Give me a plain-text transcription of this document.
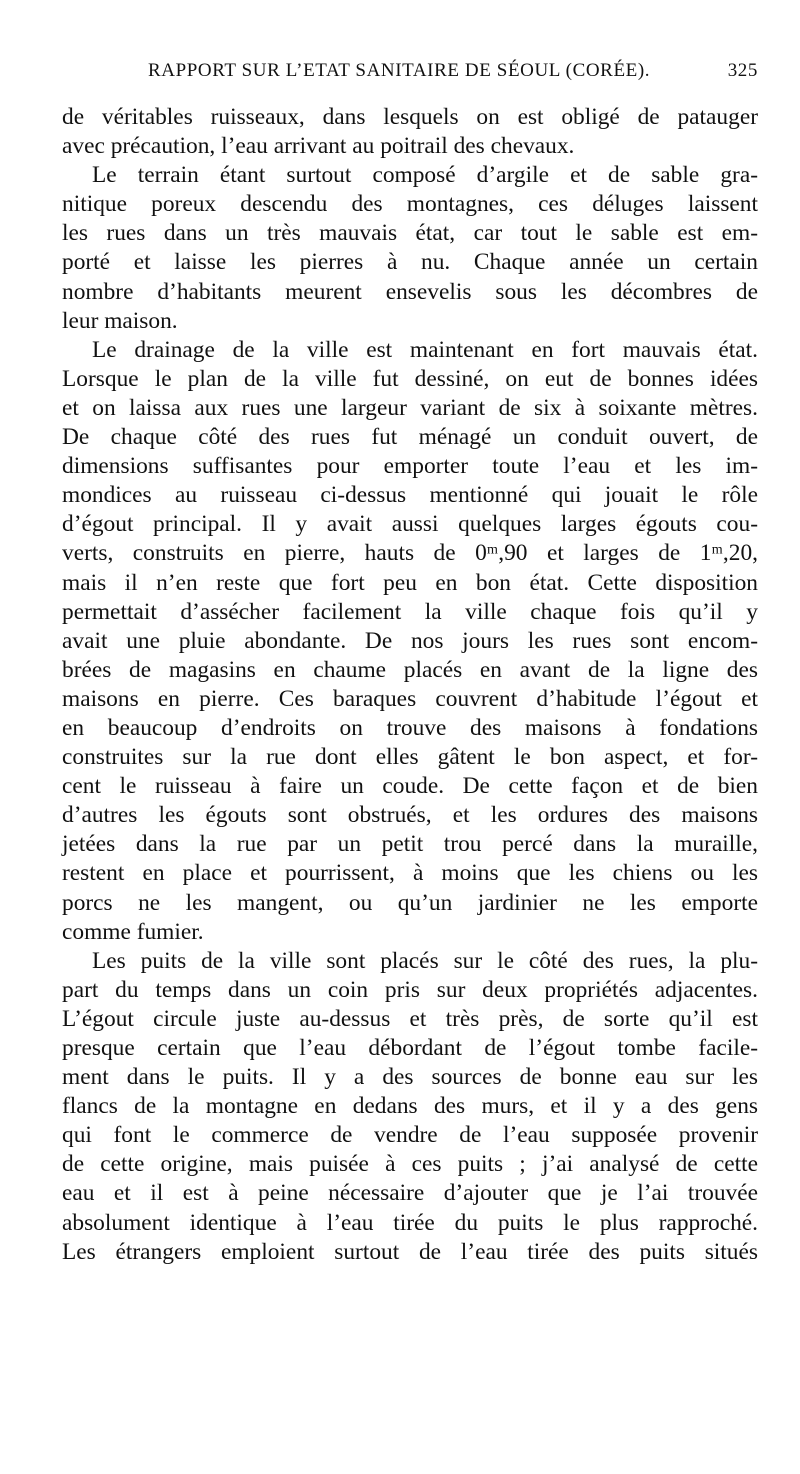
RAPPORT SUR L’ETAT SANITAIRE DE SÉOUL (CORÉE).	325
de véritables ruisseaux, dans lesquels on est obligé de patauger
avec précaution, l’eau arrivant au poitrail des chevaux.
Le terrain étant surtout composé d’argile et de sable gra-
nitique poreux descendu des montagnes, ces déluges laissent
les rues dans un très mauvais état, car tout le sable est em-
porté et laisse les pierres à nu. Chaque année un certain
nombre d’habitants meurent ensevelis sous les décombres de
leur maison.
Le drainage de la ville est maintenant en fort mauvais état.
Lorsque le plan de la ville fut dessiné, on eut de bonnes idées
et on laissa aux rues une largeur variant de six à soixante mètres.
De chaque côté des rues fut ménagé un conduit ouvert, de
dimensions suffisantes pour emporter toute l’eau et les im-
mondices au ruisseau ci-dessus mentionné qui jouait le rôle
d’égout principal. Il y avait aussi quelques larges égouts cou-
verts, construits en pierre, hauts de 0ᵐ,90 et larges de 1ᵐ,20,
mais il n’en reste que fort peu en bon état. Cette disposition
permettait d’assécher facilement la ville chaque fois qu’il y
avait une pluie abondante. De nos jours les rues sont encom-
brées de magasins en chaume placés en avant de la ligne des
maisons en pierre. Ces baraques couvrent d’habitude l’égout et
en beaucoup d’endroits on trouve des maisons à fondations
construites sur la rue dont elles gâtent le bon aspect, et for-
cent le ruisseau à faire un coude. De cette façon et de bien
d’autres les égouts sont obstrués, et les ordures des maisons
jetées dans la rue par un petit trou percé dans la muraille,
restent en place et pourrissent, à moins que les chiens ou les
porcs ne les mangent, ou qu’un jardinier ne les emporte
comme fumier.
Les puits de la ville sont placés sur le côté des rues, la plu-
part du temps dans un coin pris sur deux propriétés adjacentes.
L’égout circule juste au-dessus et très près, de sorte qu’il est
presque certain que l’eau débordant de l’égout tombe facile-
ment dans le puits. Il y a des sources de bonne eau sur les
flancs de la montagne en dedans des murs, et il y a des gens
qui font le commerce de vendre de l’eau supposée provenir
de cette origine, mais puisée à ces puits ; j’ai analysé de cette
eau et il est à peine nécessaire d’ajouter que je l’ai trouvée
absolument identique à l’eau tirée du puits le plus rapproché.
Les étrangers emploient surtout de l’eau tirée des puits situés
